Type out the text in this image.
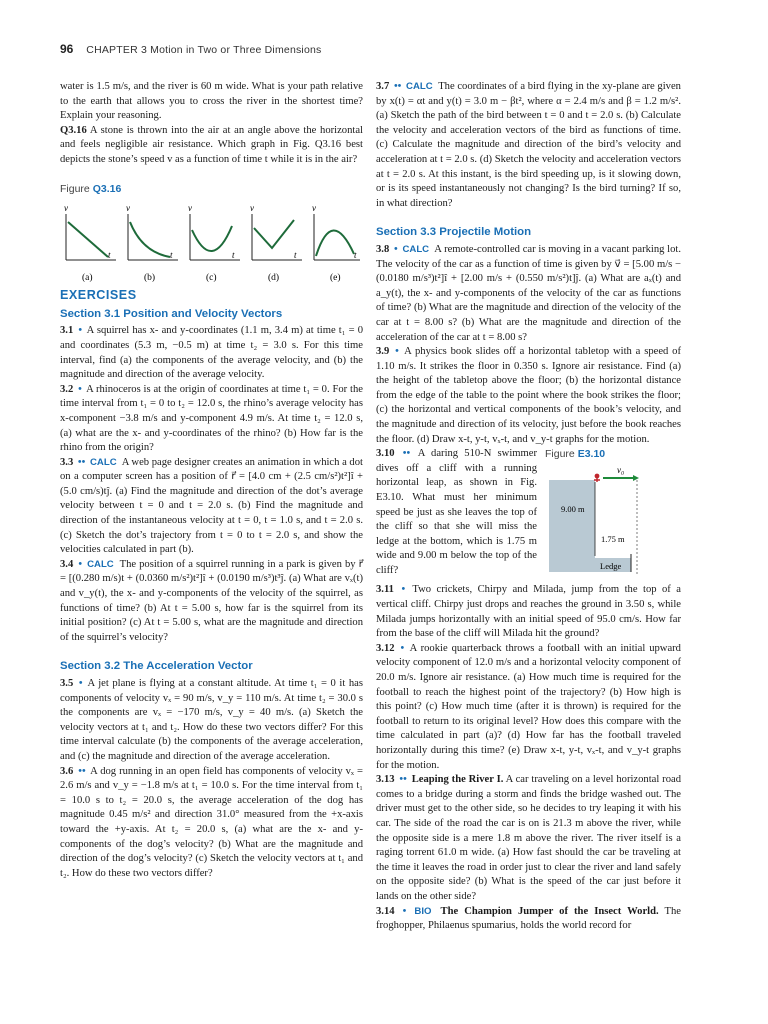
96 CHAPTER 3 Motion in Two or Three Dimensions

water is 1.5 m/s, and the river is 60 m wide. What is your path relative to the earth that allows you to cross the river in the shortest time? Explain your reasoning.

Q3.16 A stone is thrown into the air at an angle above the horizontal and feels negligible air resistance. Which graph in Fig. Q3.16 best depicts the stone’s speed v as a function of time t while it is in the air?

Figure Q3.16
v
t
(a)
v
t
(b)
v
t
(c)
v
t
(d)
v
t
(e)
EXERCISES
Section 3.1 Position and Velocity Vectors

3.1 • A squirrel has x- and y-coordinates (1.1 m, 3.4 m) at time t₁ = 0 and coordinates (5.3 m, −0.5 m) at time t₂ = 3.0 s. For this time interval, find (a) the components of the average velocity, and (b) the magnitude and direction of the average velocity.

3.2 • A rhinoceros is at the origin of coordinates at time t₁ = 0. For the time interval from t₁ = 0 to t₂ = 12.0 s, the rhino’s average velocity has x-component −3.8 m/s and y-component 4.9 m/s. At time t₂ = 12.0 s, (a) what are the x- and y-coordinates of the rhino? (b) How far is the rhino from the origin?

3.3 •• CALC A web page designer creates an animation in which a dot on a computer screen has a position of r⃗ = [4.0 cm + (2.5 cm/s²)t²]î + (5.0 cm/s)tĵ. (a) Find the magnitude and direction of the dot’s average velocity between t = 0 and t = 2.0 s. (b) Find the magnitude and direction of the instantaneous velocity at t = 0, t = 1.0 s, and t = 2.0 s. (c) Sketch the dot’s trajectory from t = 0 to t = 2.0 s, and show the velocities calculated in part (b).

3.4 • CALC The position of a squirrel running in a park is given by r⃗ = [(0.280 m/s)t + (0.0360 m/s²)t²]î + (0.0190 m/s³)t³ĵ. (a) What are vₓ(t) and v_y(t), the x- and y-components of the velocity of the squirrel, as functions of time? (b) At t = 5.00 s, how far is the squirrel from its initial position? (c) At t = 5.00 s, what are the magnitude and direction of the squirrel’s velocity?

Section 3.2 The Acceleration Vector

3.5 • A jet plane is flying at a constant altitude. At time t₁ = 0 it has components of velocity vₓ = 90 m/s, v_y = 110 m/s. At time t₂ = 30.0 s the components are vₓ = −170 m/s, v_y = 40 m/s. (a) Sketch the velocity vectors at t₁ and t₂. How do these two vectors differ? For this time interval calculate (b) the components of the average acceleration, and (c) the magnitude and direction of the average acceleration.

3.6 •• A dog running in an open field has components of velocity vₓ = 2.6 m/s and v_y = −1.8 m/s at t₁ = 10.0 s. For the time interval from t₁ = 10.0 s to t₂ = 20.0 s, the average acceleration of the dog has magnitude 0.45 m/s² and direction 31.0° measured from the +x-axis toward the +y-axis. At t₂ = 20.0 s, (a) what are the x- and y-components of the dog’s velocity? (b) What are the magnitude and direction of the dog’s velocity? (c) Sketch the velocity vectors at t₁ and t₂. How do these two vectors differ?

3.7 •• CALC The coordinates of a bird flying in the xy-plane are given by x(t) = αt and y(t) = 3.0 m − βt², where α = 2.4 m/s and β = 1.2 m/s². (a) Sketch the path of the bird between t = 0 and t = 2.0 s. (b) Calculate the velocity and acceleration vectors of the bird as functions of time. (c) Calculate the magnitude and direction of the bird’s velocity and acceleration at t = 2.0 s. (d) Sketch the velocity and acceleration vectors at t = 2.0 s. At this instant, is the bird speeding up, is it slowing down, or is its speed instantaneously not changing? Is the bird turning? If so, in what direction?

Section 3.3 Projectile Motion

3.8 • CALC A remote-controlled car is moving in a vacant parking lot. The velocity of the car as a function of time is given by v⃗ = [5.00 m/s − (0.0180 m/s³)t²]î + [2.00 m/s + (0.550 m/s²)t]ĵ. (a) What are aₓ(t) and a_y(t), the x- and y-components of the velocity of the car as functions of time? (b) What are the magnitude and direction of the velocity of the car at t = 8.00 s? (b) What are the magnitude and direction of the acceleration of the car at t = 8.00 s?

3.9 • A physics book slides off a horizontal tabletop with a speed of 1.10 m/s. It strikes the floor in 0.350 s. Ignore air resistance. Find (a) the height of the tabletop above the floor; (b) the horizontal distance from the edge of the table to the point where the book strikes the floor; (c) the horizontal and vertical components of the book’s velocity, and the magnitude and direction of its velocity, just before the book reaches the floor. (d) Draw x-t, y-t, vₓ-t, and v_y-t graphs for the motion.

Figure E3.10
v₀
9.00 m
1.75 m
Ledge

3.10 •• A daring 510-N swimmer dives off a cliff with a running horizontal leap, as shown in Fig. E3.10. What must her minimum speed be just as she leaves the top of the cliff so that she will miss the ledge at the bottom, which is 1.75 m wide and 9.00 m below the top of the cliff?

3.11 • Two crickets, Chirpy and Milada, jump from the top of a vertical cliff. Chirpy just drops and reaches the ground in 3.50 s, while Milada jumps horizontally with an initial speed of 95.0 cm/s. How far from the base of the cliff will Milada hit the ground?

3.12 • A rookie quarterback throws a football with an initial upward velocity component of 12.0 m/s and a horizontal velocity component of 20.0 m/s. Ignore air resistance. (a) How much time is required for the football to reach the highest point of the trajectory? (b) How high is this point? (c) How much time (after it is thrown) is required for the football to return to its original level? How does this compare with the time calculated in part (a)? (d) How far has the football traveled horizontally during this time? (e) Draw x-t, y-t, vₓ-t, and v_y-t graphs for the motion.

3.13 •• Leaping the River I. A car traveling on a level horizontal road comes to a bridge during a storm and finds the bridge washed out. The driver must get to the other side, so he decides to try leaping it with his car. The side of the road the car is on is 21.3 m above the river, while the opposite side is a mere 1.8 m above the river. The river itself is a raging torrent 61.0 m wide. (a) How fast should the car be traveling at the time it leaves the road in order just to clear the river and land safely on the opposite side? (b) What is the speed of the car just before it lands on the other side?

3.14 • BIO The Champion Jumper of the Insect World. The froghopper, Philaenus spumarius, holds the world record for
